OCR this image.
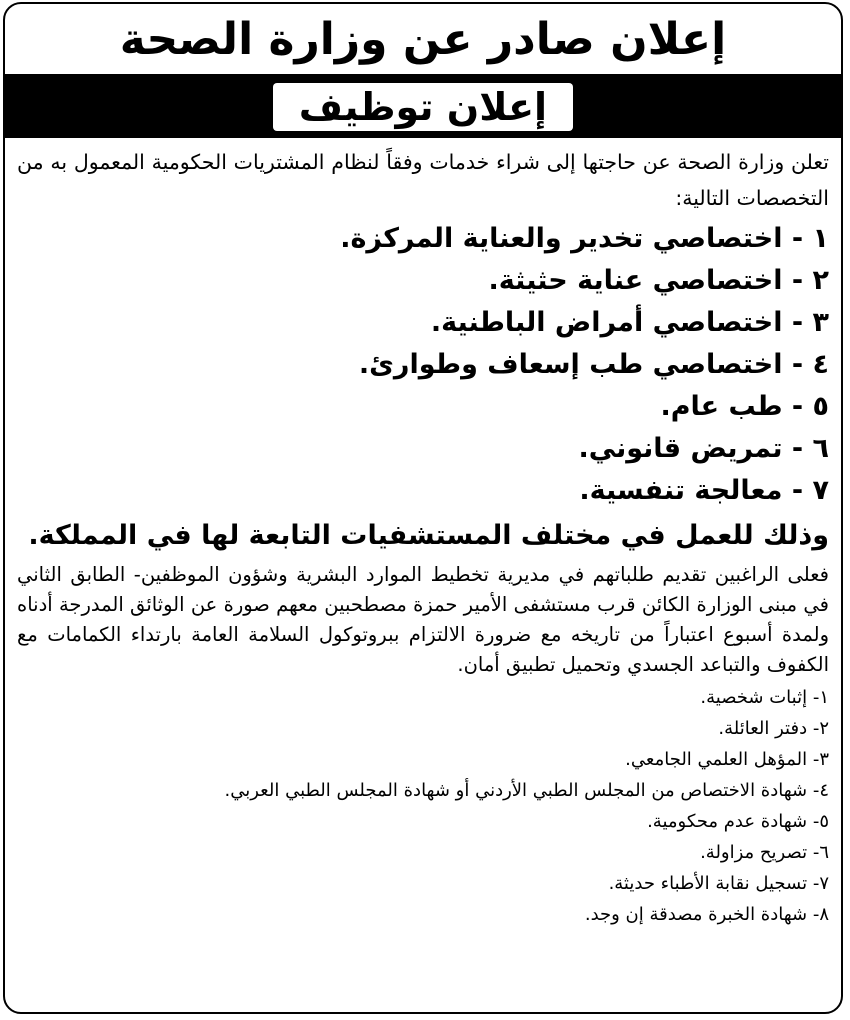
إعلان صادر عن وزارة الصحة
إعلان توظيف
تعلن وزارة الصحة عن حاجتها إلى شراء خدمات وفقاً لنظام المشتريات الحكومية المعمول به من التخصصات التالية:
١ - اختصاصي تخدير والعناية المركزة.
٢ - اختصاصي عناية حثيثة.
٣ - اختصاصي أمراض الباطنية.
٤ - اختصاصي طب إسعاف وطوارئ.
٥ - طب عام.
٦ - تمريض قانوني.
٧ - معالجة تنفسية.
وذلك للعمل في مختلف المستشفيات التابعة لها في المملكة.
فعلى الراغبين تقديم طلباتهم في مديرية تخطيط الموارد البشرية وشؤون الموظفين- الطابق الثاني في مبنى الوزارة الكائن قرب مستشفى الأمير حمزة مصطحبين معهم صورة عن الوثائق المدرجة أدناه ولمدة أسبوع اعتباراً من تاريخه مع ضرورة الالتزام ببروتوكول السلامة العامة بارتداء الكمامات مع الكفوف والتباعد الجسدي وتحميل تطبيق أمان.
١- إثبات شخصية.
٢- دفتر العائلة.
٣- المؤهل العلمي الجامعي.
٤- شهادة الاختصاص من المجلس الطبي الأردني أو شهادة المجلس الطبي العربي.
٥- شهادة عدم محكومية.
٦- تصريح مزاولة.
٧- تسجيل نقابة الأطباء حديثة.
٨- شهادة الخبرة مصدقة إن وجد.
